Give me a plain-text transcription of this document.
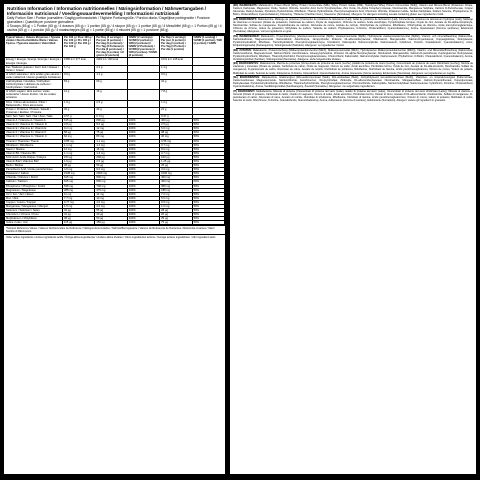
Nutrition Information / Information nutritionnelles / Näringsinformation / Nährwertangaben / Información nutricional / Voedingswaardevermelding / Informazioni nutrizionali
Daily Portion Size / Portion journalière / Daglig portionsstorlek / Tägliche Portionsgröße / Porción diaria / Dagelijkse portiegrootte / Porzione giornaliera / Quantità per porzione giornaliera:
4 Scoops (65 g) = 1 Portion (65 g) / 4 doseurs (65 g) = 1 portion (65 g) / 4 skopor (65 g) = 1 portion (65 g) / 4 Messlöffel (65 g) = 1 Portion (65 g) / 4 cacitos (65 g) = 1 porción (65 g) / 4 maatschepjes (65 g) = 1 portie (65 g) / 4 misurini (65 g) = 1 porzione (65 g)
Typical Values / Valeurs Moyennes / Typiska värden / Durchschnittliche Werte / Valores Típicos / Typische waarden / Valori Medi	Per 100 g / Pour 100 g / Per 100 g / Pro 100 g / Por 100 g / Per 100 g / Per 100 g	Per Day (2 servings) / Par jour (2 portions) / Per dag (2 portioner) / Pro Tag (2 Portionen) / Por día (2 porciones) / Per dag (2 porties) / Al giorno (2 porzioni)	%NRV (2 servings) / %VNR (2 portions) / %RI (2 portioner) / %NRV (2 Portionen) / %VRN (2 porciones) / %RI (2 porties) / %VNR (2 porzioni)	Per Day (1 serving) / Par jour (1 portion) / Per dag (1 portion) / Pro Tag (1 Portion) / Por día (1 porción)	%NRV (1 serving) / %VNR (1 portion) / %RI (1 portion) / %NRV
Energy / Énergie / Energi / Energie / Energía / Energie / Energia	1586 kJ / 377 kcal	2062 kJ / 490 kcal		1031 kJ / 245 kcal	
Fat / Matières grasses / Fett / Fett / Grasas / Vetten / Grassi	1.7 g	2.2 g		1.1 g	
of which saturates / dont acides gras saturés / varav mättat fett / davon gesättigte Fettsäuren	0.9 g	1.2 g		0.6 g	
Carbohydrate / Glucides / Kolhydrat / Kohlenhydrate / Hidratos de carbono / Koolhydraten / Carboidrati	53 g	69 g		34 g	
of which sugars / dont sucres / varav sockerarter / davon Zucker / de los cuales azúcares	12 g	16 g		7.8 g	
Fibre / Fibres alimentaires / Fiber / Ballaststoffe / Fibra alimentaria	1.9 g	2.5 g		1.2 g	
Protein / Protéines / Protein / Eiweiß / Proteínas / Eiwitten / Proteine	32 g	42 g		21 g	
Salt / Sel / Salt / Salz / Sal / Zout / Sale	0.57 g	0.74 g		0.37 g	
Vitamin A / Vitamine A / Vitamin A	615 µg	800 µg	100%	400 µg	50%
Vitamin D / Vitamine D / Vitamin D	3.8 µg	5.0 µg	100%	2.5 µg	50%
Vitamin E / Vitamine E / Vitamin E	9.2 mg	12 mg	100%	6.0 mg	50%
Vitamin K / Vitamine K / Vitamin K	58 µg	75 µg	100%	38 µg	50%
Vitamin C / Vitamine C / Vitamin C	62 mg	80 mg	100%	40 mg	50%
Thiamin / Thiamine / Tiamin	0.85 mg	1.1 mg	100%	0.55 mg	50%
Riboflavin / Riboflavine	1.1 mg	1.4 mg	100%	0.7 mg	50%
Niacin / Niacine	12 mg	16 mg	100%	8.0 mg	50%
Vitamin B6 / Vitamine B6	1.1 mg	1.4 mg	100%	0.7 mg	50%
Folic Acid / Acide folique / Folsyra	154 µg	200 µg	100%	100 µg	50%
Vitamin B12 / Vitamine B12	1.9 µg	2.5 µg	100%	1.25 µg	50%
Biotin / Biotine	38 µg	50 µg	100%	25 µg	50%
Pantothenic Acid / Acide pantothénique	4.6 mg	6.0 mg	100%	3.0 mg	50%
Potassium / Kalium	1538 mg	2000 mg	100%	1000 mg	50%
Chloride / Chlorure / Klorid	615 mg	800 mg	100%	400 mg	50%
Calcium / Kalcium	615 mg	800 mg	100%	400 mg	50%
Phosphorus / Phosphore / Fosfor	538 mg	700 mg	100%	350 mg	50%
Magnesium / Magnésium	288 mg	375 mg	100%	188 mg	50%
Iron / Fer / Järn / Eisen	11 mg	14 mg	100%	7.0 mg	50%
Zinc / Zink	7.7 mg	10 mg	100%	5.0 mg	50%
Copper / Cuivre / Koppar	0.77 mg	1.0 mg	100%	0.5 mg	50%
Manganese / Manganèse / Mangan	1.5 mg	2.0 mg	100%	1.0 mg	50%
Selenium / Sélénium / Selen	42 µg	55 µg	100%	28 µg	50%
Chromium / Chrome / Krom	31 µg	40 µg	100%	20 µg	50%
Molybdenum / Molybdène	38 µg	50 µg	100%	25 µg	50%
Iodine / Iode / Jod	115 µg	150 µg	100%	75 µg	50%
*Nutrient Reference Values / Valeurs Nutritionnelles de Référence / Näringsreferensvärden / Nährstoffbezugswerte / Valores de Referencia de Nutrientes / Referentie-innames / Valori Nutritivi di Riferimento
Other active ingredients / Autres ingrédients actifs / Övriga aktiva ingredienser / Andere aktive Zutaten / Otros ingredientes activos / Overige actieve ingrediënten / Altri ingredienti attivi

(EN) INGREDIENTS: Maltodextrin, Protein Blend (Whey Protein Concentrate (Milk), Whey Protein Isolate (Milk), Hydrolysed Whey Protein Concentrate (Milk)), Vitamin and Mineral Blend (Potassium Citrate, Calcium Carbonate, Magnesium Oxide, Sodium Chloride, Ascorbic Acid, Ferric Pyrophosphate, Zinc Oxide, DL-Alpha Tocopheryl Acetate, Nicotinamide, Manganese Sulphate, Calcium D-Pantothenate, Copper Gluconate, Retinyl Acetate, Pyridoxine Hydrochloride, Riboflavin, Thiamin Hydrochloride, Pteroylmonoglutamic Acid, Chromium Chloride, Potassium Iodide, Sodium Molybdate, Sodium Selenite, Phylloquinone, D-Biotin, Cholecalciferol, Cyanocobalamin), Flavouring, Thickener (Xanthan Gum), Sweetener (Sucralose). Allergens: for allergens including cereals containing gluten see ingredients in bold.

(FR) INGRÉDIENTS: Maltodextrine, Mélange de protéines (Concentré de protéines de lactosérum (Lait), Isolat de protéines de lactosérum (Lait), Concentré de protéines de lactosérum hydrolysé (Lait)), Mélange de vitamines et minéraux (Citrate de potassium, Carbonate de calcium, Oxyde de magnésium, Chlorure de sodium, Acide ascorbique, Pyrophosphate ferrique, Oxyde de zinc, Acétate de DL-alpha-tocophéryle, Nicotinamide, Sulfate de manganèse, D-pantothénate de calcium, Gluconate de cuivre, Acétate de rétinyle, Chlorhydrate de pyridoxine, Riboflavine, Chlorhydrate de thiamine, Acide ptéroylmonoglutamique, Chlorure de chrome, Iodure de potassium, Molybdate de sodium, Sélénite de sodium, Phylloquinone, D-biotine, Cholécalciférol, Cyanocobalamine), Arôme, Épaississant (Gomme xanthane), Édulcorant (Sucralose). Allergènes: voir les ingrédients en gras.

(SV) INGREDIENSER: Maltodextrin, Proteinblandning (Vassleproteinkoncentrat (Mjölk), Vassleproteinisolat (Mjölk), Hydrolyserat vassleproteinkoncentrat (Mjölk)), Vitamin- och mineralblandning (Kaliumcitrat, Kalciumkarbonat, Magnesiumoxid, Natriumklorid, Askorbinsyra, Järnpyrofosfat, Zinkoxid, DL-alfa-tokoferylacetat, Nikotinamid, Mangansulfat, Kalcium-D-pantotenat, Kopparglukonat, Retinylacetat, Pyridoxinhydroklorid, Riboflavin, Tiaminhydroklorid, Pteroylmonoglutaminsyra, Kromklorid, Kaliumjodid, Natriummolybdat, Natriumselenit, Fyllokinon, D-biotin, Kolekalciferol, Cyanokobalamin), Arom, Förtjockningsmedel (Xantangummi), Sötningsmedel (Sukralos). Allergener: se ingredienser i fetstil.

(DE) ZUTATEN: Maltodextrin, Proteinmischung (Molkenproteinkonzentrat (Milch), Molkenproteinisolat (Milch), Hydrolysiertes Molkenproteinkonzentrat (Milch)), Vitamin- und Mineralstoffmischung (Kaliumcitrat, Calciumcarbonat, Magnesiumoxid, Natriumchlorid, Ascorbinsäure, Eisenpyrophosphat, Zinkoxid, DL-alpha-Tocopherylacetat, Nicotinamid, Mangansulfat, Calcium-D-pantothenat, Kupfergluconat, Retinylacetat, Pyridoxinhydrochlorid, Riboflavin, Thiaminhydrochlorid, Pteroylmonoglutaminsäure, Chromchlorid, Kaliumiodid, Natriummolybdat, Natriumselenit, Phyllochinon, D-Biotin, Cholecalciferol, Cyanocobalamin), Aroma, Verdickungsmittel (Xanthan), Süßungsmittel (Sucralose). Allergene: siehe fettgedruckte Zutaten.

(ES) INGREDIENTES: Maltodextrina, Mezcla de proteínas (Concentrado de proteína de suero (Leche), Aislado de proteína de suero (Leche), Concentrado de proteína de suero hidrolizado (Leche)), Mezcla de vitaminas y minerales (Citrato de potasio, Carbonato de calcio, Óxido de magnesio, Cloruro de sodio, Ácido ascórbico, Pirofosfato férrico, Óxido de zinc, Acetato de DL-alfa-tocoferilo, Nicotinamida, Sulfato de manganeso, D-pantotenato de calcio, Gluconato de cobre, Acetato de retinilo, Clorhidrato de piridoxina, Riboflavina, Clorhidrato de tiamina, Ácido pteroilmonoglutámico, Cloruro de cromo, Yoduro de potasio, Molibdato de sodio, Selenito de sodio, Filoquinona, D-biotina, Colecalciferol, Cianocobalamina), Aroma, Espesante (Goma xantana), Edulcorante (Sucralosa). Alérgenos: ver ingredientes en negrita.

(NL) INGREDIËNTEN: Maltodextrine, Eiwitmengsel (Wei-eiwitconcentraat (Melk), Wei-eiwitisolaat (Melk), Gehydrolyseerd wei-eiwitconcentraat (Melk)), Vitaminen- en mineralenmengsel (Kaliumcitraat, Calciumcarbonaat, Magnesiumoxide, Natriumchloride, Ascorbinezuur, IJzerpyrofosfaat, Zinkoxide, DL-alfa-tocoferylacetaat, Nicotinamide, Mangaansulfaat, Calcium-D-pantothenaat, Kopergluconaat, Retinylacetaat, Pyridoxinehydrochloride, Riboflavine, Thiaminehydrochloride, Pteroylmonoglutaminezuur, Chroomchloride, Kaliumjodide, Natriummolybdaat, Natriumseleniet, Fyllochinon, D-biotine, Cholecalciferol, Cyanocobalamine), Aroma, Verdikkingsmiddel (Xanthaangom), Zoetstof (Sucralose). Allergenen: zie vetgedrukte ingrediënten.

(IT) INGREDIENTI: Maltodestrina, Miscela di proteine (Concentrato di proteine del siero (Latte), Isolato di proteine del siero (Latte), Concentrato di proteine del siero idrolizzato (Latte)), Miscela di vitamine e minerali (Citrato di potassio, Carbonato di calcio, Ossido di magnesio, Cloruro di sodio, Acido ascorbico, Pirofosfato ferrico, Ossido di zinco, Acetato di DL-alfa-tocoferile, Nicotinamide, Solfato di manganese, D-pantotenato di calcio, Gluconato di rame, Acetato di retinile, Cloridrato di piridossina, Riboflavina, Cloridrato di tiamina, Acido pteroilmonoglutammico, Cloruro di cromo, Ioduro di potassio, Molibdato di sodio, Selenito di sodio, Fillochinone, D-biotina, Colecalciferolo, Cianocobalamina), Aroma, Addensante (Gomma di xantano), Edulcorante (Sucralosio). Allergeni: vedere gli ingredienti in grassetto.
